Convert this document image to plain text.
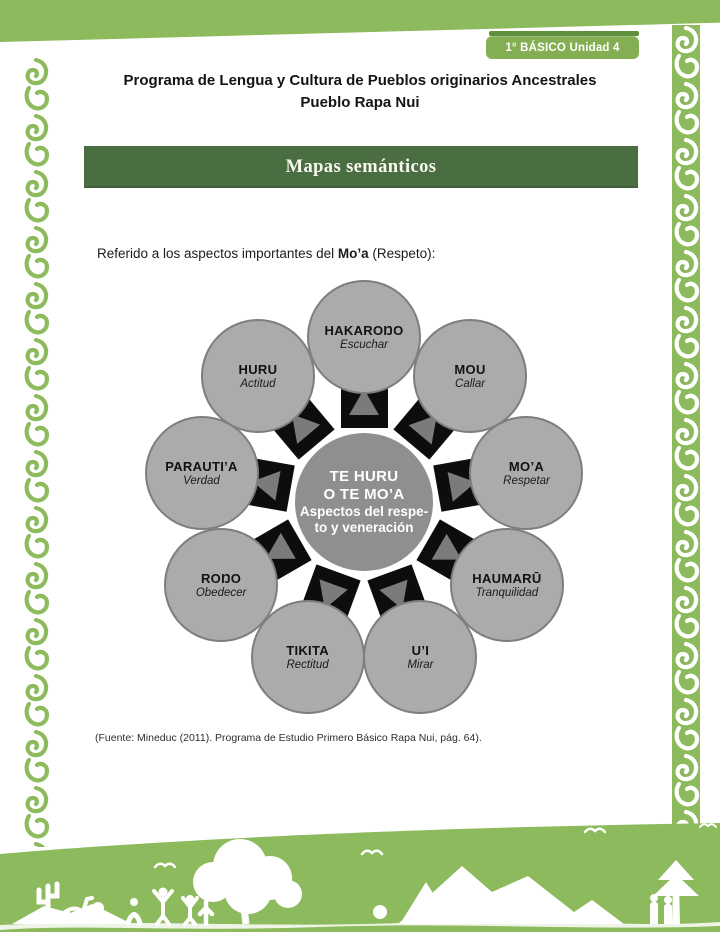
1° BÁSICO Unidad 4
Programa de Lengua y Cultura de Pueblos originarios Ancestrales
Pueblo Rapa Nui
Mapas semánticos
Referido a los aspectos importantes del Mo’a (Respeto):
TE HURU
O TE MO’A
Aspectos del respe-
to y veneración
HAKAROŊO
Escuchar
MOU
Callar
MO’A
Respetar
HAUMARŪ
Tranquilidad
U’I
Mirar
TIKITA
Rectitud
ROŊO
Obedecer
PARAUTI’A
Verdad
HURU
Actitud
(Fuente: Mineduc (2011). Programa de Estudio Primero Básico Rapa Nui, pág. 64).
